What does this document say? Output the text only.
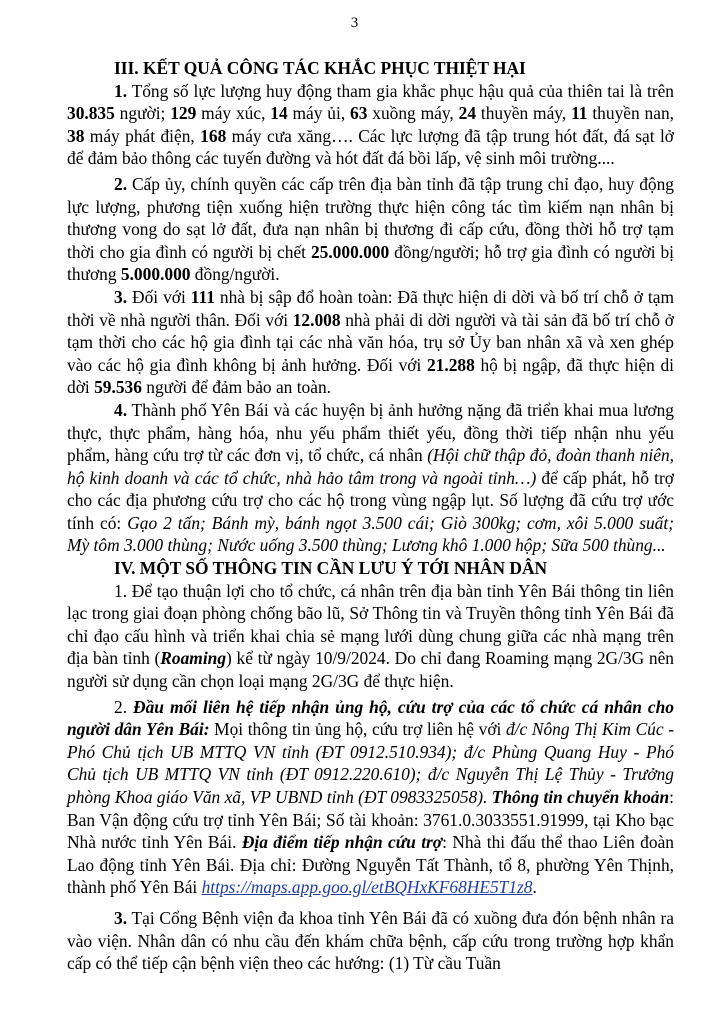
3
III. KẾT QUẢ CÔNG TÁC KHẮC PHỤC THIỆT HẠI

1. Tổng số lực lượng huy động tham gia khắc phục hậu quả của thiên tai là trên 30.835 người; 129 máy xúc, 14 máy ủi, 63 xuồng máy, 24 thuyền máy, 11 thuyền nan, 38 máy phát điện, 168 máy cưa xăng…. Các lực lượng đã tập trung hót đất, đá sạt lở để đảm bảo thông các tuyến đường và hót đất đá bồi lấp, vệ sinh môi trường....

2. Cấp ủy, chính quyền các cấp trên địa bàn tỉnh đã tập trung chỉ đạo, huy động lực lượng, phương tiện xuống hiện trường thực hiện công tác tìm kiếm nạn nhân bị thương vong do sạt lở đất, đưa nạn nhân bị thương đi cấp cứu, đồng thời hỗ trợ tạm thời cho gia đình có người bị chết 25.000.000 đồng/người; hỗ trợ gia đình có người bị thương 5.000.000 đồng/người.

3. Đối với 111 nhà bị sập đổ hoàn toàn: Đã thực hiện di dời và bố trí chỗ ở tạm thời về nhà người thân. Đối với 12.008 nhà phải di dời người và tài sản đã bố trí chỗ ở tạm thời cho các hộ gia đình tại các nhà văn hóa, trụ sở Ủy ban nhân xã và xen ghép vào các hộ gia đình không bị ảnh hưởng. Đối với 21.288 hộ bị ngập, đã thực hiện di dời 59.536 người để đảm bảo an toàn.

4. Thành phố Yên Bái và các huyện bị ảnh hưởng nặng đã triển khai mua lương thực, thực phẩm, hàng hóa, nhu yếu phẩm thiết yếu, đồng thời tiếp nhận nhu yếu phẩm, hàng cứu trợ từ các đơn vị, tổ chức, cá nhân (Hội chữ thập đỏ, đoàn thanh niên, hộ kinh doanh và các tổ chức, nhà hảo tâm trong và ngoài tỉnh…) để cấp phát, hỗ trợ cho các địa phương cứu trợ cho các hộ trong vùng ngập lụt. Số lượng đã cứu trợ ước tính có: Gạo 2 tấn; Bánh mỳ, bánh ngọt 3.500 cái; Giò 300kg; cơm, xôi 5.000 suất; Mỳ tôm 3.000 thùng; Nước uống 3.500 thùng; Lương khô 1.000 hộp; Sữa 500 thùng...

IV. MỘT SỐ THÔNG TIN CẦN LƯU Ý TỚI NHÂN DÂN

1. Để tạo thuận lợi cho tổ chức, cá nhân trên địa bàn tỉnh Yên Bái thông tin liên lạc trong giai đoạn phòng chống bão lũ, Sở Thông tin và Truyền thông tỉnh Yên Bái đã chỉ đạo cấu hình và triển khai chia sẻ mạng lưới dùng chung giữa các nhà mạng trên địa bàn tỉnh (Roaming) kể từ ngày 10/9/2024. Do chỉ đang Roaming mạng 2G/3G nên người sử dụng cần chọn loại mạng 2G/3G để thực hiện.

2. Đầu mối liên hệ tiếp nhận ủng hộ, cứu trợ của các tổ chức cá nhân cho người dân Yên Bái: Mọi thông tin ủng hộ, cứu trợ liên hệ với đ/c Nông Thị Kim Cúc - Phó Chủ tịch UB MTTQ VN tỉnh (ĐT 0912.510.934); đ/c Phùng Quang Huy - Phó Chủ tịch UB MTTQ VN tỉnh (ĐT 0912.220.610); đ/c Nguyễn Thị Lệ Thủy - Trưởng phòng Khoa giáo Văn xã, VP UBND tỉnh (ĐT 0983325058). Thông tin chuyển khoản: Ban Vận động cứu trợ tỉnh Yên Bái; Số tài khoản: 3761.0.3033551.91999, tại Kho bạc Nhà nước tỉnh Yên Bái. Địa điểm tiếp nhận cứu trợ: Nhà thi đấu thể thao Liên đoàn Lao động tỉnh Yên Bái. Địa chỉ: Đường Nguyễn Tất Thành, tổ 8, phường Yên Thịnh, thành phố Yên Bái https://maps.app.goo.gl/etBQHxKF68HE5T1z8.

3. Tại Cổng Bệnh viện đa khoa tỉnh Yên Bái đã có xuồng đưa đón bệnh nhân ra vào viện. Nhân dân có nhu cầu đến khám chữa bệnh, cấp cứu trong trường hợp khẩn cấp có thể tiếp cận bệnh viện theo các hướng: (1) Từ cầu Tuần
